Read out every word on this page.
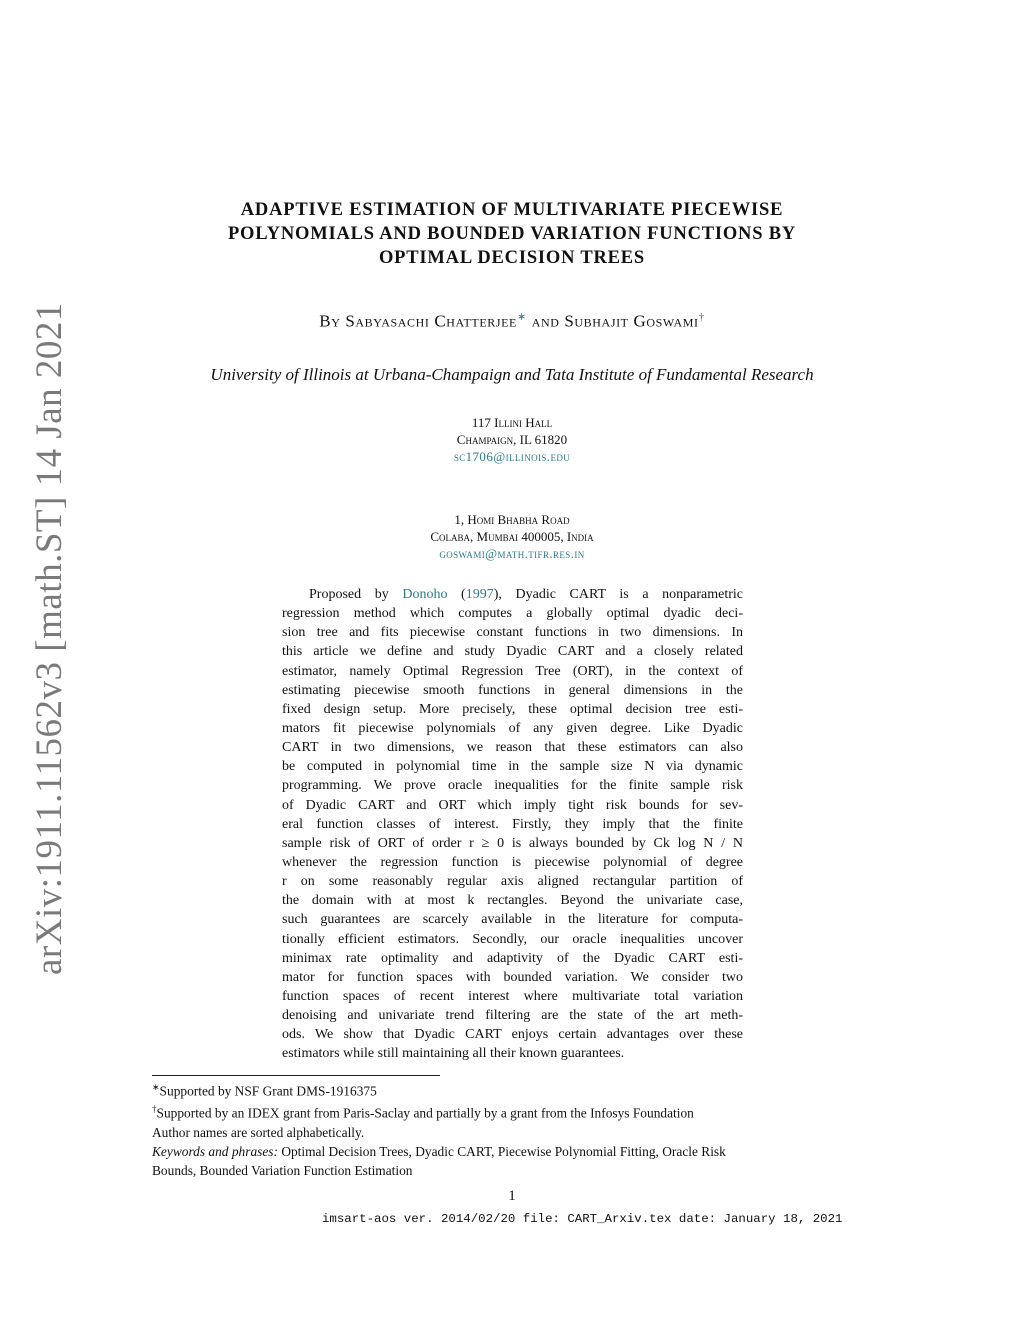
arXiv:1911.11562v3 [math.ST] 14 Jan 2021
ADAPTIVE ESTIMATION OF MULTIVARIATE PIECEWISE
POLYNOMIALS AND BOUNDED VARIATION FUNCTIONS BY
OPTIMAL DECISION TREES
By Sabyasachi Chatterjee∗ and Subhajit Goswami†
University of Illinois at Urbana-Champaign and Tata Institute of Fundamental Research
117 Illini Hall
Champaign, IL 61820
sc1706@illinois.edu
1, Homi Bhabha Road
Colaba, Mumbai 400005, India
goswami@math.tifr.res.in
Proposed by Donoho (1997), Dyadic CART is a nonparametric
regression method which computes a globally optimal dyadic deci-
sion tree and fits piecewise constant functions in two dimensions. In
this article we define and study Dyadic CART and a closely related
estimator, namely Optimal Regression Tree (ORT), in the context of
estimating piecewise smooth functions in general dimensions in the
fixed design setup. More precisely, these optimal decision tree esti-
mators fit piecewise polynomials of any given degree. Like Dyadic
CART in two dimensions, we reason that these estimators can also
be computed in polynomial time in the sample size N via dynamic
programming. We prove oracle inequalities for the finite sample risk
of Dyadic CART and ORT which imply tight risk bounds for sev-
eral function classes of interest. Firstly, they imply that the finite
sample risk of ORT of order r ≥ 0 is always bounded by Ck log N / N
whenever the regression function is piecewise polynomial of degree
r on some reasonably regular axis aligned rectangular partition of
the domain with at most k rectangles. Beyond the univariate case,
such guarantees are scarcely available in the literature for computa-
tionally efficient estimators. Secondly, our oracle inequalities uncover
minimax rate optimality and adaptivity of the Dyadic CART esti-
mator for function spaces with bounded variation. We consider two
function spaces of recent interest where multivariate total variation
denoising and univariate trend filtering are the state of the art meth-
ods. We show that Dyadic CART enjoys certain advantages over these
estimators while still maintaining all their known guarantees.
∗Supported by NSF Grant DMS-1916375
†Supported by an IDEX grant from Paris-Saclay and partially by a grant from the Infosys Foundation
Author names are sorted alphabetically.
Keywords and phrases: Optimal Decision Trees, Dyadic CART, Piecewise Polynomial Fitting, Oracle Risk
Bounds, Bounded Variation Function Estimation
1
imsart-aos ver. 2014/02/20 file: CART_Arxiv.tex date: January 18, 2021
